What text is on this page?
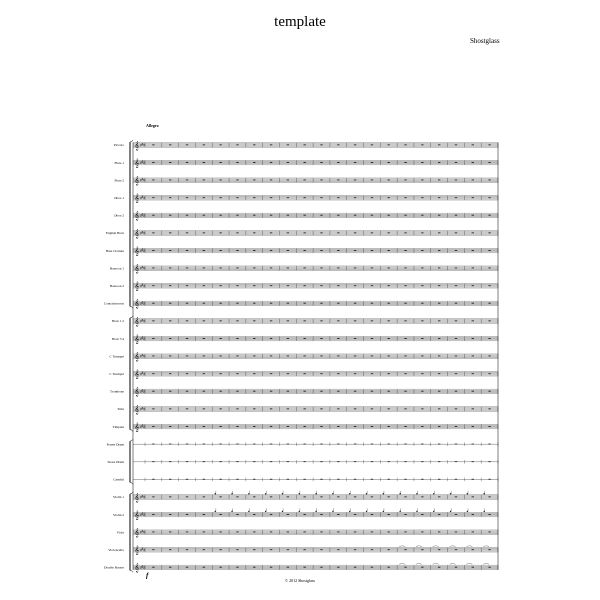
template
Shostglass
Allegro
Piccolo 𝄞 ♯ ♯ ♯
Flute 1 𝄞 ♯ ♯ ♯
Flute 2 𝄞 ♯ ♯ ♯
Oboe 1 𝄞 ♯ ♯ ♯
Oboe 2 𝄞 ♯ ♯ ♯
English Horn 𝄞 ♯ ♯ ♯
Bass Clarinet 𝄞 ♯ ♯ ♯
Bassoon 1 𝄞 ♯ ♯ ♯
Bassoon 2 𝄞 ♯ ♯ ♯
Contrabassoon 𝄞 ♯ ♯ ♯
Horn 1 2 𝄞 ♯ ♯ ♯
Horn 3 4 𝄞 ♯ ♯ ♯
C Trumpet 𝄞 ♯ ♯ ♯
C Trumpet 𝄞 ♯ ♯ ♯
Trombone 𝄞 ♯ ♯ ♯
Tuba 𝄞 ♯ ♯ ♯
Timpani 𝄞 ♯ ♯ ♯
Frame Drum
Snare Drum
Cymbal
Violin 1 𝄞 ♯ ♯ ♯
Violin 2 𝄞 ♯ ♯ ♯
Viola 𝄞 ♯ ♯ ♯
Violoncello 𝄞 ♯ ♯ ♯
Double Basses 𝄞 ♯ ♯ ♯
f
© 2012 Shostglass
